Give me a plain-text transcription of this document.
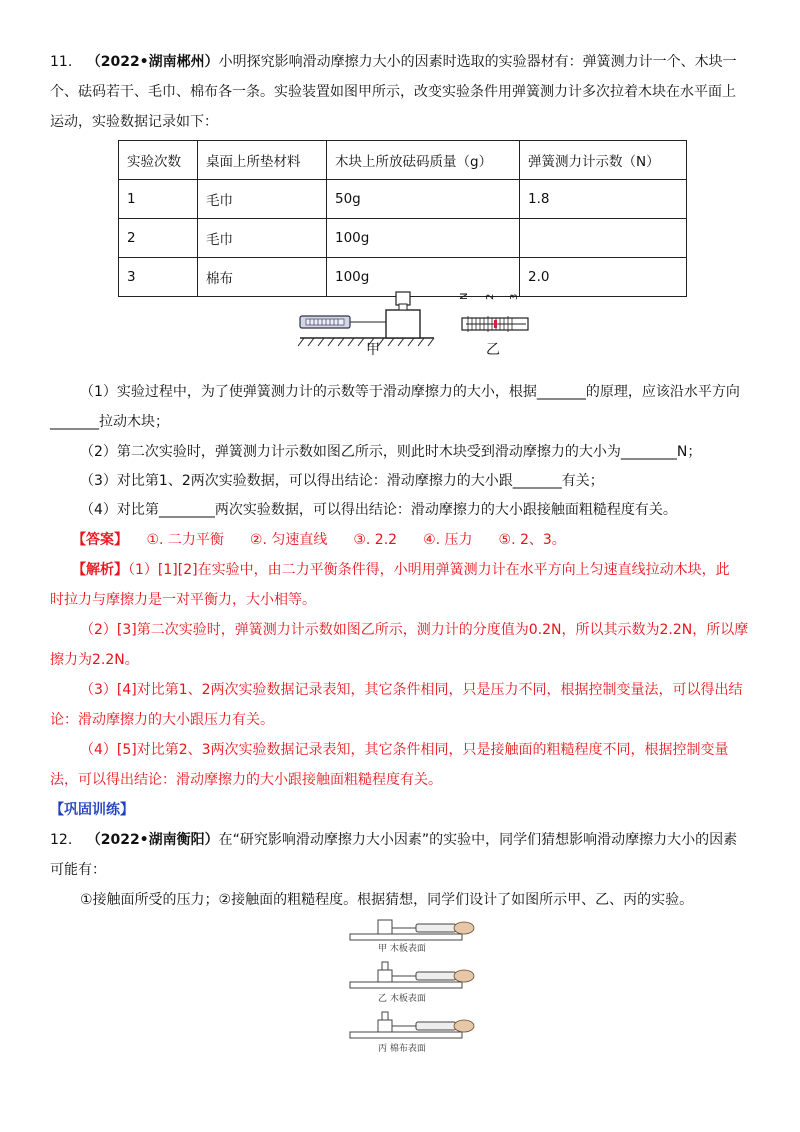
11. （2022•湖南郴州）小明探究影响滑动摩擦力大小的因素时选取的实验器材有：弹簧测力计一个、木块一
个、砝码若干、毛巾、棉布各一条。实验装置如图甲所示，改变实验条件用弹簧测力计多次拉着木块在水平面上
运动，实验数据记录如下：
实验次数	桌面上所垫材料	木块上所放砝码质量（g）	弹簧测力计示数（N）
1	毛巾	50g	1.8
2	毛巾	100g	
3	棉布	100g	2.0
甲
N 2 3
乙
（1）实验过程中，为了使弹簧测力计的示数等于滑动摩擦力的大小，根据_______的原理，应该沿水平方向
_______拉动木块；
（2）第二次实验时，弹簧测力计示数如图乙所示，则此时木块受到滑动摩擦力的大小为________N；
（3）对比第1、2两次实验数据，可以得出结论：滑动摩擦力的大小跟_______有关；
（4）对比第________两次实验数据，可以得出结论：滑动摩擦力的大小跟接触面粗糙程度有关。
【答案】 ①. 二力平衡 ②. 匀速直线 ③. 2.2 ④. 压力 ⑤. 2、3。
【解析】（1）[1][2]在实验中，由二力平衡条件得，小明用弹簧测力计在水平方向上匀速直线拉动木块，此
时拉力与摩擦力是一对平衡力，大小相等。
（2）[3]第二次实验时，弹簧测力计示数如图乙所示，测力计的分度值为0.2N，所以其示数为2.2N，所以摩
擦力为2.2N。
（3）[4]对比第1、2两次实验数据记录表知，其它条件相同，只是压力不同，根据控制变量法，可以得出结
论：滑动摩擦力的大小跟压力有关。
（4）[5]对比第2、3两次实验数据记录表知，其它条件相同，只是接触面的粗糙程度不同，根据控制变量
法，可以得出结论：滑动摩擦力的大小跟接触面粗糙程度有关。
【巩固训练】
12. （2022•湖南衡阳）在“研究影响滑动摩擦力大小因素”的实验中，同学们猜想影响滑动摩擦力大小的因素
可能有：
①接触面所受的压力；②接触面的粗糙程度。根据猜想，同学们设计了如图所示甲、乙、丙的实验。
甲 木板表面
乙 木板表面
丙 棉布表面
